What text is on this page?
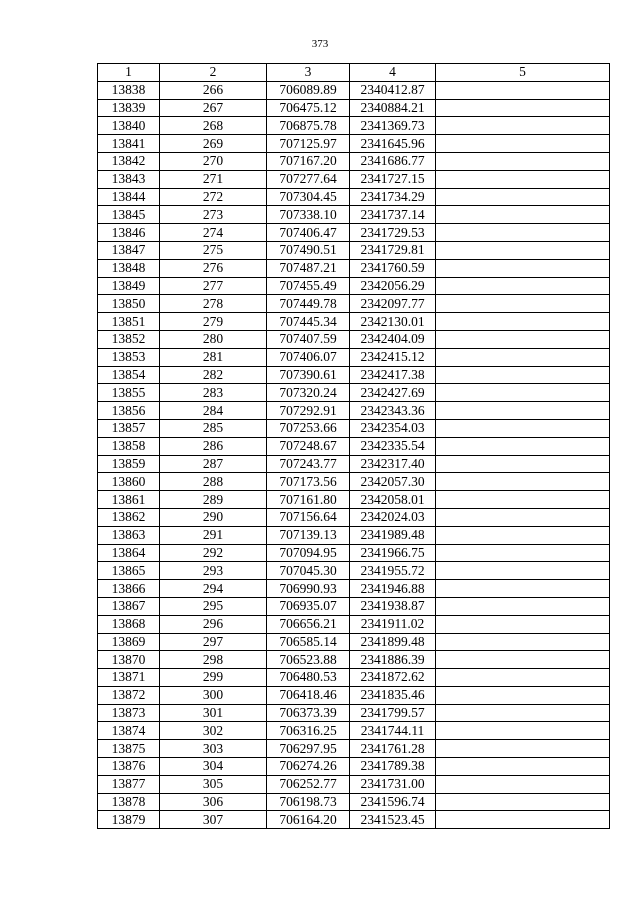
373
1	2	3	4	5
13838	266	706089.89	2340412.87	
13839	267	706475.12	2340884.21	
13840	268	706875.78	2341369.73	
13841	269	707125.97	2341645.96	
13842	270	707167.20	2341686.77	
13843	271	707277.64	2341727.15	
13844	272	707304.45	2341734.29	
13845	273	707338.10	2341737.14	
13846	274	707406.47	2341729.53	
13847	275	707490.51	2341729.81	
13848	276	707487.21	2341760.59	
13849	277	707455.49	2342056.29	
13850	278	707449.78	2342097.77	
13851	279	707445.34	2342130.01	
13852	280	707407.59	2342404.09	
13853	281	707406.07	2342415.12	
13854	282	707390.61	2342417.38	
13855	283	707320.24	2342427.69	
13856	284	707292.91	2342343.36	
13857	285	707253.66	2342354.03	
13858	286	707248.67	2342335.54	
13859	287	707243.77	2342317.40	
13860	288	707173.56	2342057.30	
13861	289	707161.80	2342058.01	
13862	290	707156.64	2342024.03	
13863	291	707139.13	2341989.48	
13864	292	707094.95	2341966.75	
13865	293	707045.30	2341955.72	
13866	294	706990.93	2341946.88	
13867	295	706935.07	2341938.87	
13868	296	706656.21	2341911.02	
13869	297	706585.14	2341899.48	
13870	298	706523.88	2341886.39	
13871	299	706480.53	2341872.62	
13872	300	706418.46	2341835.46	
13873	301	706373.39	2341799.57	
13874	302	706316.25	2341744.11	
13875	303	706297.95	2341761.28	
13876	304	706274.26	2341789.38	
13877	305	706252.77	2341731.00	
13878	306	706198.73	2341596.74	
13879	307	706164.20	2341523.45	
